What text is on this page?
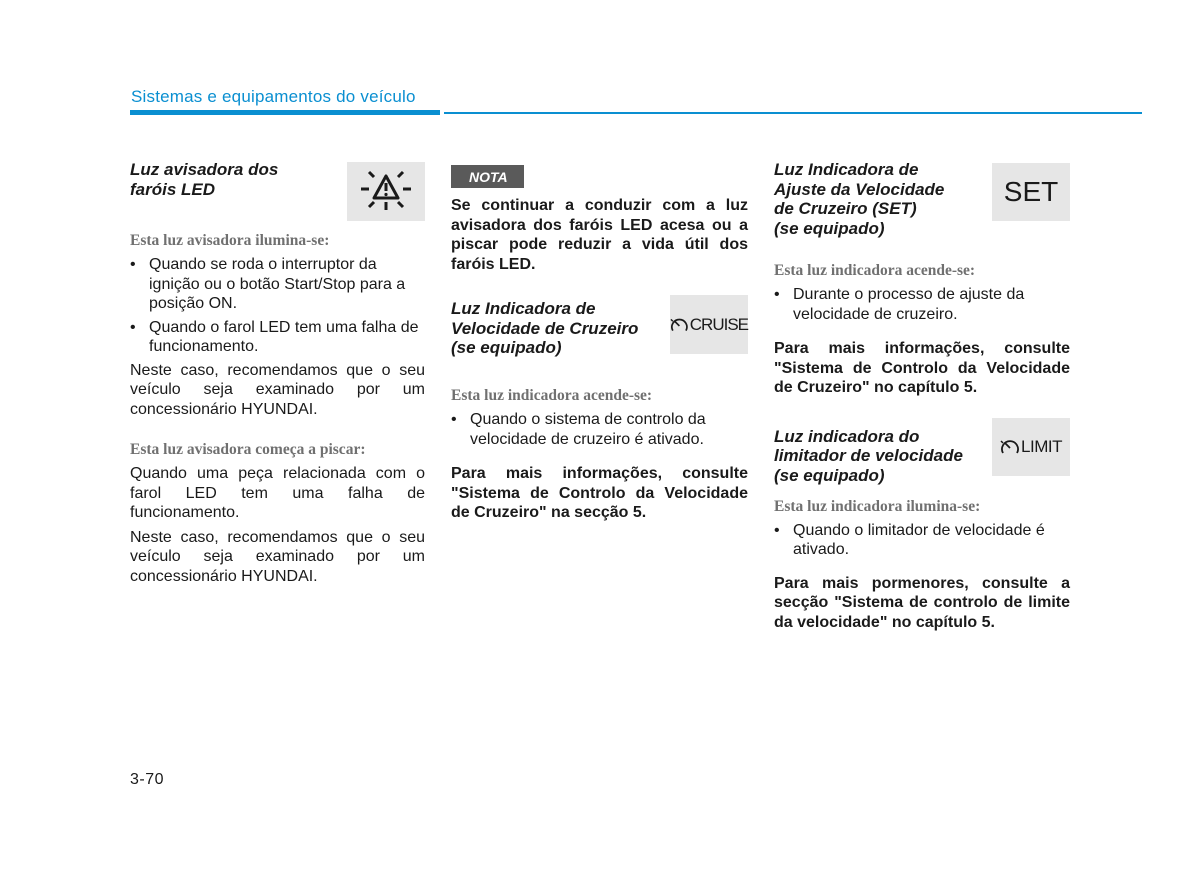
Sistemas e equipamentos do veículo
Luz avisadora dos
faróis LED
Esta luz avisadora ilumina-se:
• Quando se roda o interruptor da ignição ou o botão Start/Stop para a posição ON.
• Quando o farol LED tem uma falha de funcionamento.

Neste caso, recomendamos que o seu veículo seja examinado por um concessionário HYUNDAI.

Esta luz avisadora começa a piscar:

Quando uma peça relacionada com o farol LED tem uma falha de funcionamento.

Neste caso, recomendamos que o seu veículo seja examinado por um concessionário HYUNDAI.

NOTA

Se continuar a conduzir com a luz avisadora dos faróis LED acesa ou a piscar pode reduzir a vida útil dos faróis LED.

Luz Indicadora de
Velocidade de Cruzeiro
(se equipado)
CRUISE
Esta luz indicadora acende-se:
• Quando o sistema de controlo da velocidade de cruzeiro é ativado.

Para mais informações, consulte "Sistema de Controlo da Velocidade de Cruzeiro" na secção 5.

Luz Indicadora de
Ajuste da Velocidade
de Cruzeiro (SET)
(se equipado)
SET
Esta luz indicadora acende-se:
• Durante o processo de ajuste da velocidade de cruzeiro.

Para mais informações, consulte "Sistema de Controlo da Velocidade de Cruzeiro" no capítulo 5.

Luz indicadora do
limitador de velocidade
(se equipado)
LIMIT
Esta luz indicadora ilumina-se:
• Quando o limitador de velocidade é ativado.

Para mais pormenores, consulte a secção "Sistema de controlo de limite da velocidade" no capítulo 5.

3-70
